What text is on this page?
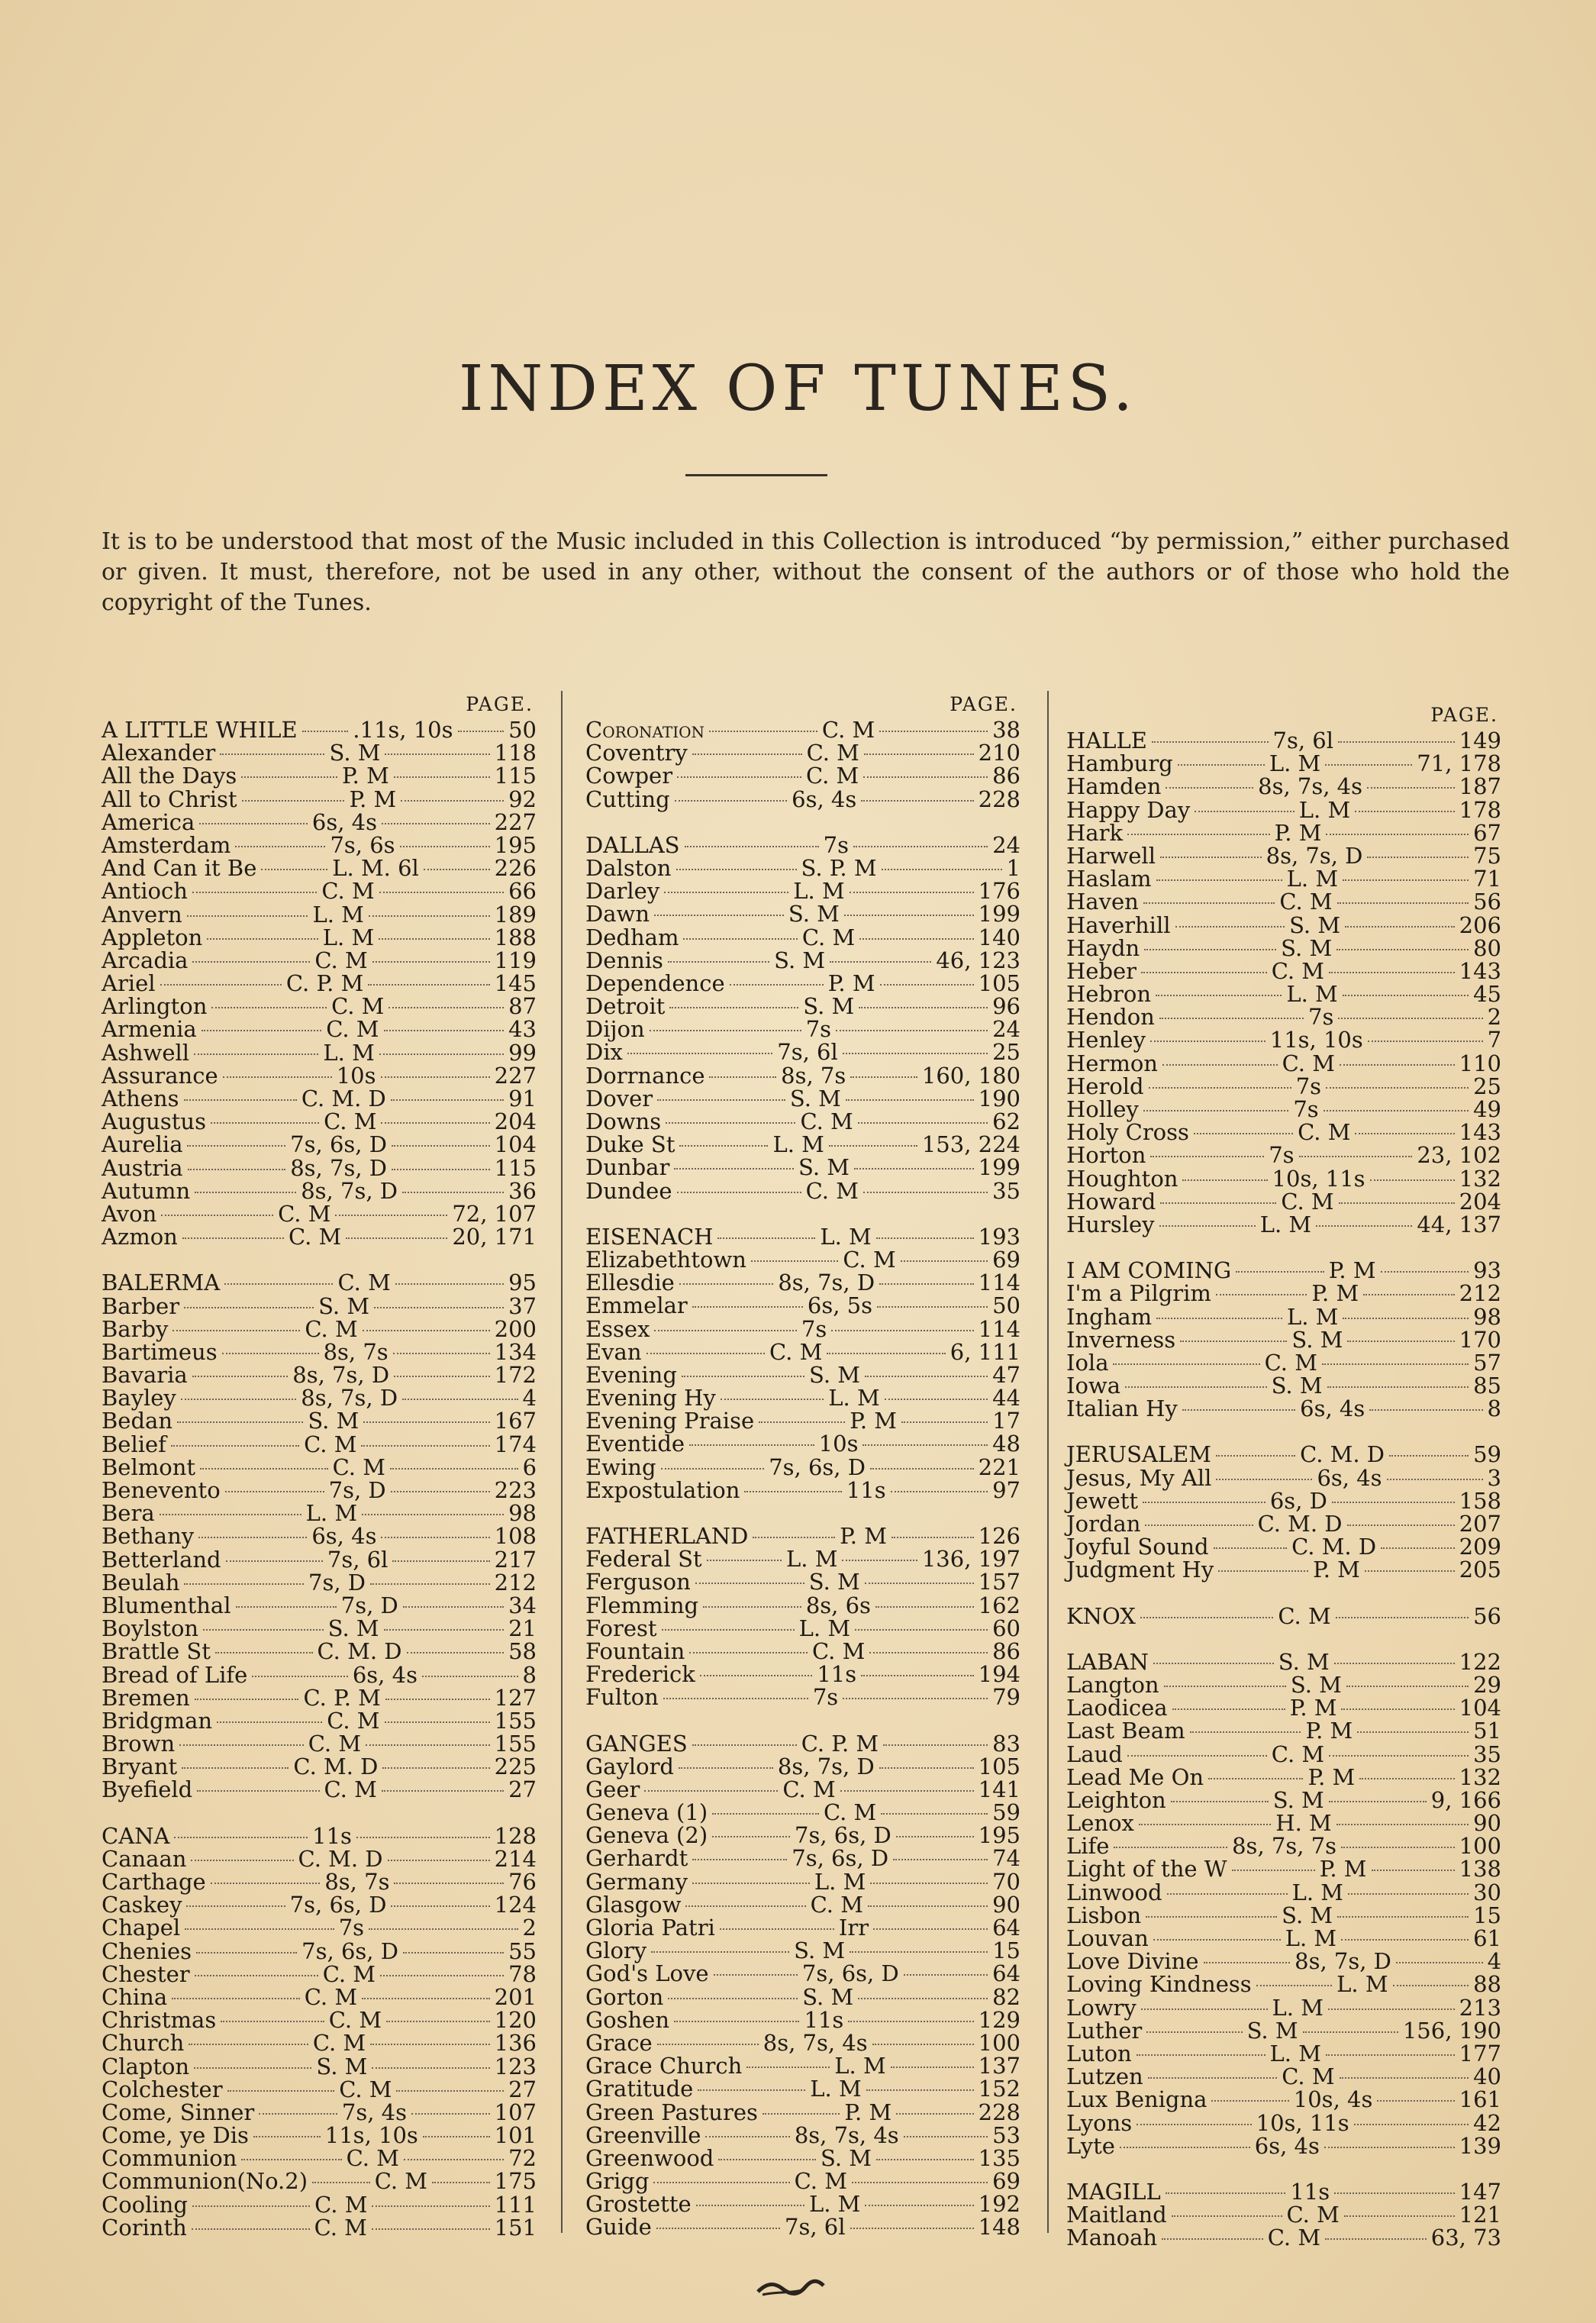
INDEX OF TUNES.

It is to be understood that most of the Music included in this Collection is introduced “by permission,” either purchased or given. It must, therefore, not be used in any other, without the consent of the authors or of those who hold the copyright of the Tunes.

PAGE.
A LITTLE WHILE	.11s, 10s	50
Alexander	S. M	118
All the Days	P. M	115
All to Christ	P. M	92
America	6s, 4s	227
Amsterdam	7s, 6s	195
And Can it Be	L. M. 6l	226
Antioch	C. M	66
Anvern	L. M	189
Appleton	L. M	188
Arcadia	C. M	119
Ariel	C. P. M	145
Arlington	C. M	87
Armenia	C. M	43
Ashwell	L. M	99
Assurance	10s	227
Athens	C. M. D	91
Augustus	C. M	204
Aurelia	7s, 6s, D	104
Austria	8s, 7s, D	115
Autumn	8s, 7s, D	36
Avon	C. M	72, 107
Azmon	C. M	20, 171
BALERMA	C. M	95
Barber	S. M	37
Barby	C. M	200
Bartimeus	8s, 7s	134
Bavaria	8s, 7s, D	172
Bayley	8s, 7s, D	4
Bedan	S. M	167
Belief	C. M	174
Belmont	C. M	6
Benevento	7s, D	223
Bera	L. M	98
Bethany	6s, 4s	108
Betterland	7s, 6l	217
Beulah	7s, D	212
Blumenthal	7s, D	34
Boylston	S. M	21
Brattle St	C. M. D	58
Bread of Life	6s, 4s	8
Bremen	C. P. M	127
Bridgman	C. M	155
Brown	C. M	155
Bryant	C. M. D	225
Byefield	C. M	27
CANA	11s	128
Canaan	C. M. D	214
Carthage	8s, 7s	76
Caskey	7s, 6s, D	124
Chapel	7s	2
Chenies	7s, 6s, D	55
Chester	C. M	78
China	C. M	201
Christmas	C. M	120
Church	C. M	136
Clapton	S. M	123
Colchester	C. M	27
Come, Sinner	7s, 4s	107
Come, ye Dis	11s, 10s	101
Communion	C. M	72
Communion(No.2)	C. M	175
Cooling	C. M	111
Corinth	C. M	151
PAGE.
Coronation	C. M	38
Coventry	C. M	210
Cowper	C. M	86
Cutting	6s, 4s	228
DALLAS	7s	24
Dalston	S. P. M	1
Darley	L. M	176
Dawn	S. M	199
Dedham	C. M	140
Dennis	S. M	46, 123
Dependence	P. M	105
Detroit	S. M	96
Dijon	7s	24
Dix	7s, 6l	25
Dorrnance	8s, 7s	160, 180
Dover	S. M	190
Downs	C. M	62
Duke St	L. M	153, 224
Dunbar	S. M	199
Dundee	C. M	35
EISENACH	L. M	193
Elizabethtown	C. M	69
Ellesdie	8s, 7s, D	114
Emmelar	6s, 5s	50
Essex	7s	114
Evan	C. M	6, 111
Evening	S. M	47
Evening Hy	L. M	44
Evening Praise	P. M	17
Eventide	10s	48
Ewing	7s, 6s, D	221
Expostulation	11s	97
FATHERLAND	P. M	126
Federal St	L. M	136, 197
Ferguson	S. M	157
Flemming	8s, 6s	162
Forest	L. M	60
Fountain	C. M	86
Frederick	11s	194
Fulton	7s	79
GANGES	C. P. M	83
Gaylord	8s, 7s, D	105
Geer	C. M	141
Geneva (1)	C. M	59
Geneva (2)	7s, 6s, D	195
Gerhardt	7s, 6s, D	74
Germany	L. M	70
Glasgow	C. M	90
Gloria Patri	Irr	64
Glory	S. M	15
God's Love	7s, 6s, D	64
Gorton	S. M	82
Goshen	11s	129
Grace	8s, 7s, 4s	100
Grace Church	L. M	137
Gratitude	L. M	152
Green Pastures	P. M	228
Greenville	8s, 7s, 4s	53
Greenwood	S. M	135
Grigg	C. M	69
Grostette	L. M	192
Guide	7s, 6l	148
PAGE.
HALLE	7s, 6l	149
Hamburg	L. M	71, 178
Hamden	8s, 7s, 4s	187
Happy Day	L. M	178
Hark	P. M	67
Harwell	8s, 7s, D	75
Haslam	L. M	71
Haven	C. M	56
Haverhill	S. M	206
Haydn	S. M	80
Heber	C. M	143
Hebron	L. M	45
Hendon	7s	2
Henley	11s, 10s	7
Hermon	C. M	110
Herold	7s	25
Holley	7s	49
Holy Cross	C. M	143
Horton	7s	23, 102
Houghton	10s, 11s	132
Howard	C. M	204
Hursley	L. M	44, 137
I AM COMING	P. M	93
I'm a Pilgrim	P. M	212
Ingham	L. M	98
Inverness	S. M	170
Iola	C. M	57
Iowa	S. M	85
Italian Hy	6s, 4s	8
JERUSALEM	C. M. D	59
Jesus, My All	6s, 4s	3
Jewett	6s, D	158
Jordan	C. M. D	207
Joyful Sound	C. M. D	209
Judgment Hy	P. M	205
KNOX	C. M	56
LABAN	S. M	122
Langton	S. M	29
Laodicea	P. M	104
Last Beam	P. M	51
Laud	C. M	35
Lead Me On	P. M	132
Leighton	S. M	9, 166
Lenox	H. M	90
Life	8s, 7s, 7s	100
Light of the W	P. M	138
Linwood	L. M	30
Lisbon	S. M	15
Louvan	L. M	61
Love Divine	8s, 7s, D	4
Loving Kindness	L. M	88
Lowry	L. M	213
Luther	S. M	156, 190
Luton	L. M	177
Lutzen	C. M	40
Lux Benigna	10s, 4s	161
Lyons	10s, 11s	42
Lyte	6s, 4s	139
MAGILL	11s	147
Maitland	C. M	121
Manoah	C. M	63, 73
